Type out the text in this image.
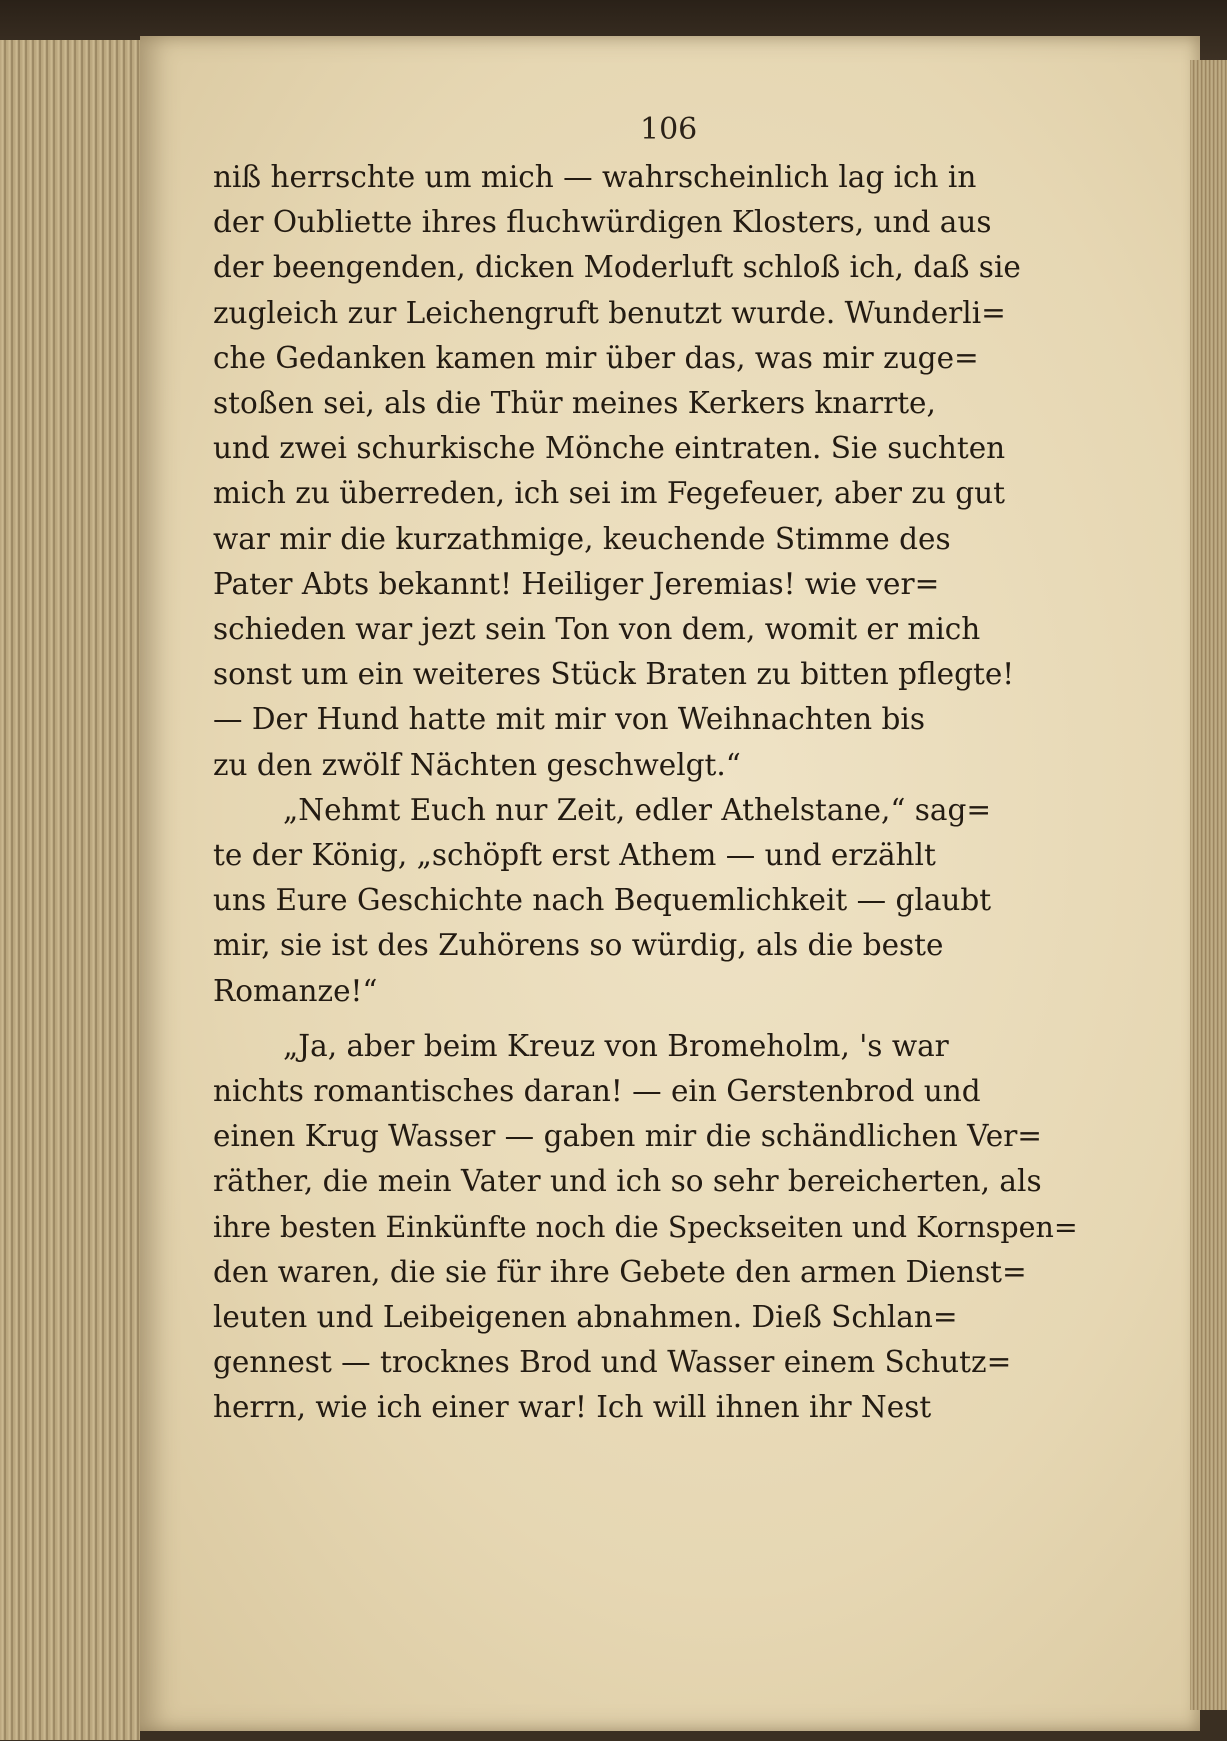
106
niß herrschte um mich — wahrscheinlich lag ich in
der Oubliette ihres fluchwürdigen Klosters, und aus
der beengenden, dicken Moderluft schloß ich, daß sie
zugleich zur Leichengruft benutzt wurde. Wunderli=
che Gedanken kamen mir über das, was mir zuge=
stoßen sei, als die Thür meines Kerkers knarrte,
und zwei schurkische Mönche eintraten. Sie suchten
mich zu überreden, ich sei im Fegefeuer, aber zu gut
war mir die kurzathmige, keuchende Stimme des
Pater Abts bekannt! Heiliger Jeremias! wie ver=
schieden war jezt sein Ton von dem, womit er mich
sonst um ein weiteres Stück Braten zu bitten pflegte!
— Der Hund hatte mit mir von Weihnachten bis
zu den zwölf Nächten geschwelgt.“
„Nehmt Euch nur Zeit, edler Athelstane,“ sag=
te der König, „schöpft erst Athem — und erzählt
uns Eure Geschichte nach Bequemlichkeit — glaubt
mir, sie ist des Zuhörens so würdig, als die beste
Romanze!“
„Ja, aber beim Kreuz von Bromeholm, 's war
nichts romantisches daran! — ein Gerstenbrod und
einen Krug Wasser — gaben mir die schändlichen Ver=
räther, die mein Vater und ich so sehr bereicherten, als
ihre besten Einkünfte noch die Speckseiten und Kornspen=
den waren, die sie für ihre Gebete den armen Dienst=
leuten und Leibeigenen abnahmen. Dieß Schlan=
gennest — trocknes Brod und Wasser einem Schutz=
herrn, wie ich einer war! Ich will ihnen ihr Nest
